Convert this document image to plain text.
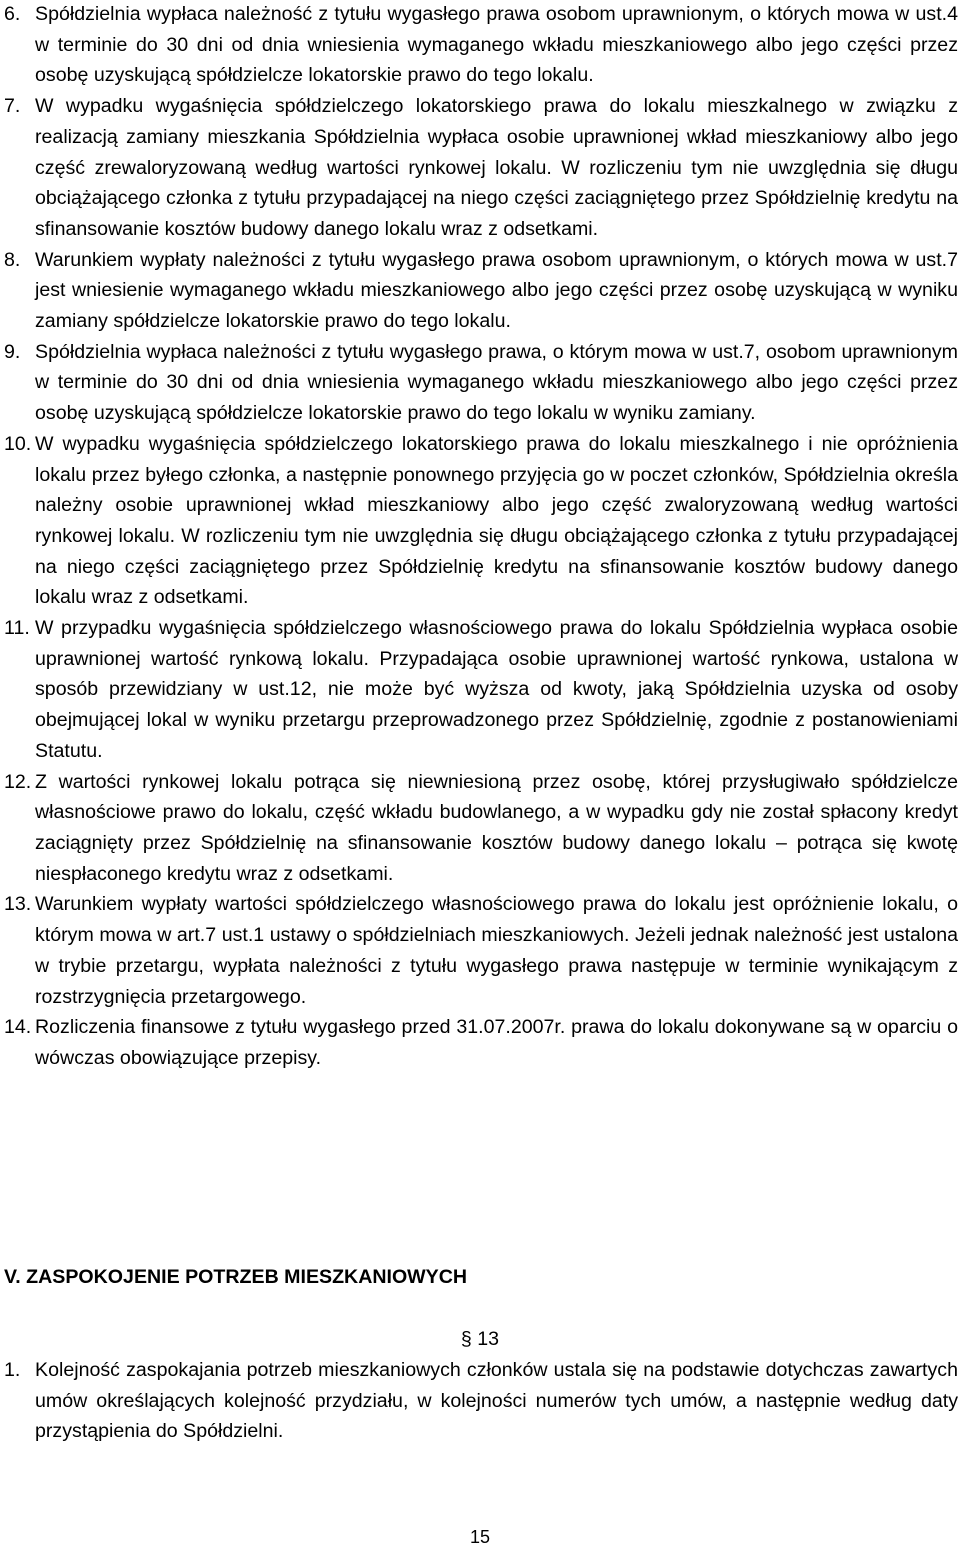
6. Spółdzielnia wypłaca należność z tytułu wygasłego prawa osobom uprawnionym, o których mowa w ust.4 w terminie do 30 dni od dnia wniesienia wymaganego wkładu mieszkaniowego albo jego części przez osobę uzyskującą spółdzielcze lokatorskie prawo do tego lokalu.
7. W wypadku wygaśnięcia spółdzielczego lokatorskiego prawa do lokalu mieszkalnego w związku z realizacją zamiany mieszkania Spółdzielnia wypłaca osobie uprawnionej wkład mieszkaniowy albo jego część zrewaloryzowaną według wartości rynkowej lokalu. W rozliczeniu tym nie uwzględnia się długu obciążającego członka z tytułu przypadającej na niego części zaciągniętego przez Spółdzielnię kredytu na sfinansowanie kosztów budowy danego lokalu wraz z odsetkami.
8. Warunkiem wypłaty należności z tytułu wygasłego prawa osobom uprawnionym, o których mowa w ust.7 jest wniesienie wymaganego wkładu mieszkaniowego albo jego części przez osobę uzyskującą w wyniku zamiany spółdzielcze lokatorskie prawo do tego lokalu.
9. Spółdzielnia wypłaca należności z tytułu wygasłego prawa, o którym mowa w ust.7, osobom uprawnionym w terminie do 30 dni od dnia wniesienia wymaganego wkładu mieszkaniowego albo jego części przez osobę uzyskującą spółdzielcze lokatorskie prawo do tego lokalu w wyniku zamiany.
10. W wypadku wygaśnięcia spółdzielczego lokatorskiego prawa do lokalu mieszkalnego i nie opróżnienia lokalu przez byłego członka, a następnie ponownego przyjęcia go w poczet członków, Spółdzielnia określa należny osobie uprawnionej wkład mieszkaniowy albo jego część zwaloryzowaną według wartości rynkowej lokalu. W rozliczeniu tym nie uwzględnia się długu obciążającego członka z tytułu przypadającej na niego części zaciągniętego przez Spółdzielnię kredytu na sfinansowanie kosztów budowy danego lokalu wraz z odsetkami.
11. W przypadku wygaśnięcia spółdzielczego własnościowego prawa do lokalu Spółdzielnia wypłaca osobie uprawnionej wartość rynkową lokalu. Przypadająca osobie uprawnionej wartość rynkowa, ustalona w sposób przewidziany w ust.12, nie może być wyższa od kwoty, jaką Spółdzielnia uzyska od osoby obejmującej lokal w wyniku przetargu przeprowadzonego przez Spółdzielnię, zgodnie z postanowieniami Statutu.
12. Z wartości rynkowej lokalu potrąca się niewniesioną przez osobę, której przysługiwało spółdzielcze własnościowe prawo do lokalu, część wkładu budowlanego, a w wypadku gdy nie został spłacony kredyt zaciągnięty przez Spółdzielnię na sfinansowanie kosztów budowy danego lokalu – potrąca się kwotę niespłaconego kredytu wraz z odsetkami.
13. Warunkiem wypłaty wartości spółdzielczego własnościowego prawa do lokalu jest opróżnienie lokalu, o którym mowa w art.7 ust.1 ustawy o spółdzielniach mieszkaniowych. Jeżeli jednak należność jest ustalona w trybie przetargu, wypłata należności z tytułu wygasłego prawa następuje w terminie wynikającym z rozstrzygnięcia przetargowego.
14. Rozliczenia finansowe z tytułu wygasłego przed 31.07.2007r. prawa do lokalu dokonywane są w oparciu o wówczas obowiązujące przepisy.
V. ZASPOKOJENIE POTRZEB MIESZKANIOWYCH
§ 13
1. Kolejność zaspokajania potrzeb mieszkaniowych członków ustala się na podstawie dotychczas zawartych umów określających kolejność przydziału, w kolejności numerów tych umów, a następnie według daty przystąpienia do Spółdzielni.
15
